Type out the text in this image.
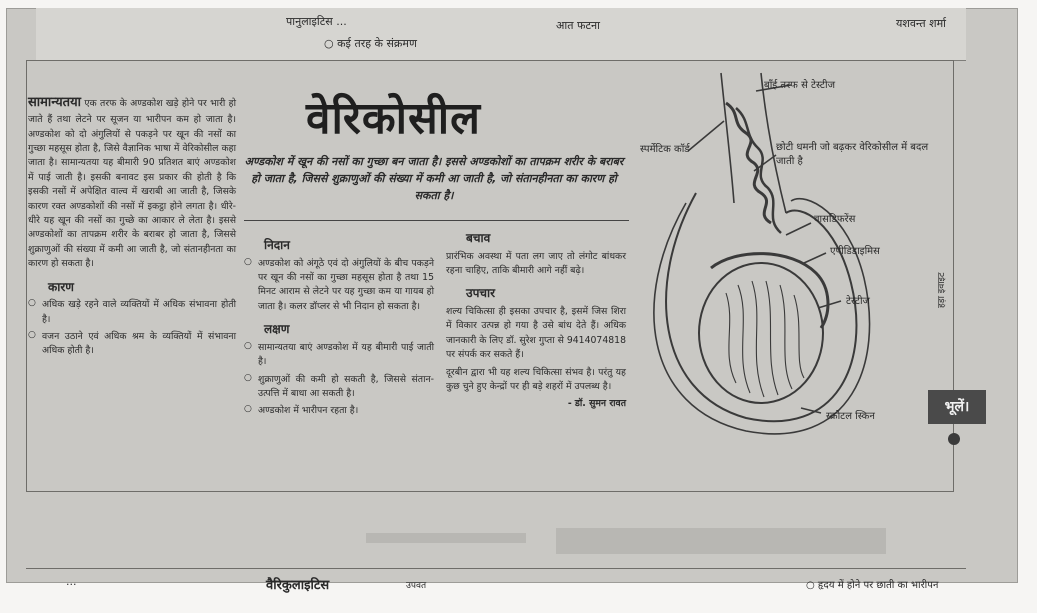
पानुलाइटिस ...	आत फटना	यशवन्त शर्मा
○ कई तरह के संक्रमण
सामान्यतया एक तरफ के अण्डकोश खड़े होने पर भारी हो जाते हैं तथा लेटने पर सूजन या भारीपन कम हो जाता है। अण्डकोश को दो अंगुलियों से पकड़ने पर खून की नसों का गुच्छा महसूस होता है, जिसे वैज्ञानिक भाषा में वेरिकोसील कहा जाता है। सामान्यतया यह बीमारी 90 प्रतिशत बाएं अण्डकोश में पाई जाती है। इसकी बनावट इस प्रकार की होती है कि इसकी नसों में अपेक्षित वाल्व में खराबी आ जाती है, जिसके कारण रक्त अण्डकोशों की नसों में इकट्ठा होने लगता है। धीरे-धीरे यह खून की नसों का गुच्छे का आकार ले लेता है। इससे अण्डकोशों का तापक्रम शरीर के बराबर हो जाता है, जिससे शुक्राणुओं की संख्या में कमी आ जाती है, जो संतानहीनता का कारण हो सकता है।
कारण
○ अधिक खड़े रहने वाले व्यक्तियों में अधिक संभावना होती है।
○ वजन उठाने एवं अधिक श्रम के व्यक्तियों में संभावना अधिक होती है।
वेरिकोसील
अण्डकोश में खून की नसों का गुच्छा बन जाता है। इससे अण्डकोशों का तापक्रम शरीर के बराबर हो जाता है, जिससे शुक्राणुओं की संख्या में कमी आ जाती है, जो संतानहीनता का कारण हो सकता है।
निदान
○ अण्डकोश को अंगूठे एवं दो अंगुलियों के बीच पकड़ने पर खून की नसों का गुच्छा महसूस होता है तथा 15 मिनट आराम से लेटने पर यह गुच्छा कम या गायब हो जाता है। कलर डॉप्लर से भी निदान हो सकता है।
लक्षण
○ सामान्यतया बाएं अण्डकोश में यह बीमारी पाई जाती है।
○ शुक्राणुओं की कमी हो सकती है, जिससे संतान-उत्पत्ति में बाधा आ सकती है।
○ अण्डकोश में भारीपन रहता है।
बचाव

प्रारंभिक अवस्था में पता लग जाए तो लंगोट बांधकर रहना चाहिए, ताकि बीमारी आगे नहीं बढ़े।

उपचार

शल्य चिकित्सा ही इसका उपचार है, इसमें जिस शिरा में विकार उत्पन्न हो गया है उसे बांध देते हैं। अधिक जानकारी के लिए डॉ. सुरेश गुप्ता से 9414074818 पर संपर्क कर सकते हैं।

दूरबीन द्वारा भी यह शल्य चिकित्सा संभव है। परंतु यह कुछ चुने हुए केन्द्रों पर ही बड़े शहरों में उपलब्ध है।

- डॉ. सुमन रावत
बाँई तरफ से टेस्टीज
स्पर्मेटिक कॉर्ड	छोटी धमनी जो बढ़कर वेरिकोसील में बदल जाती है
वासडिफरेंस
एपीडिडाइमिस
टेस्टीज
स्क्रोटल स्किन
भूलें।
हड़ा इवाइट
...	वैरिकुलाइटिस	उपवत	○ हृदय में होने पर छाती का भारीपन
